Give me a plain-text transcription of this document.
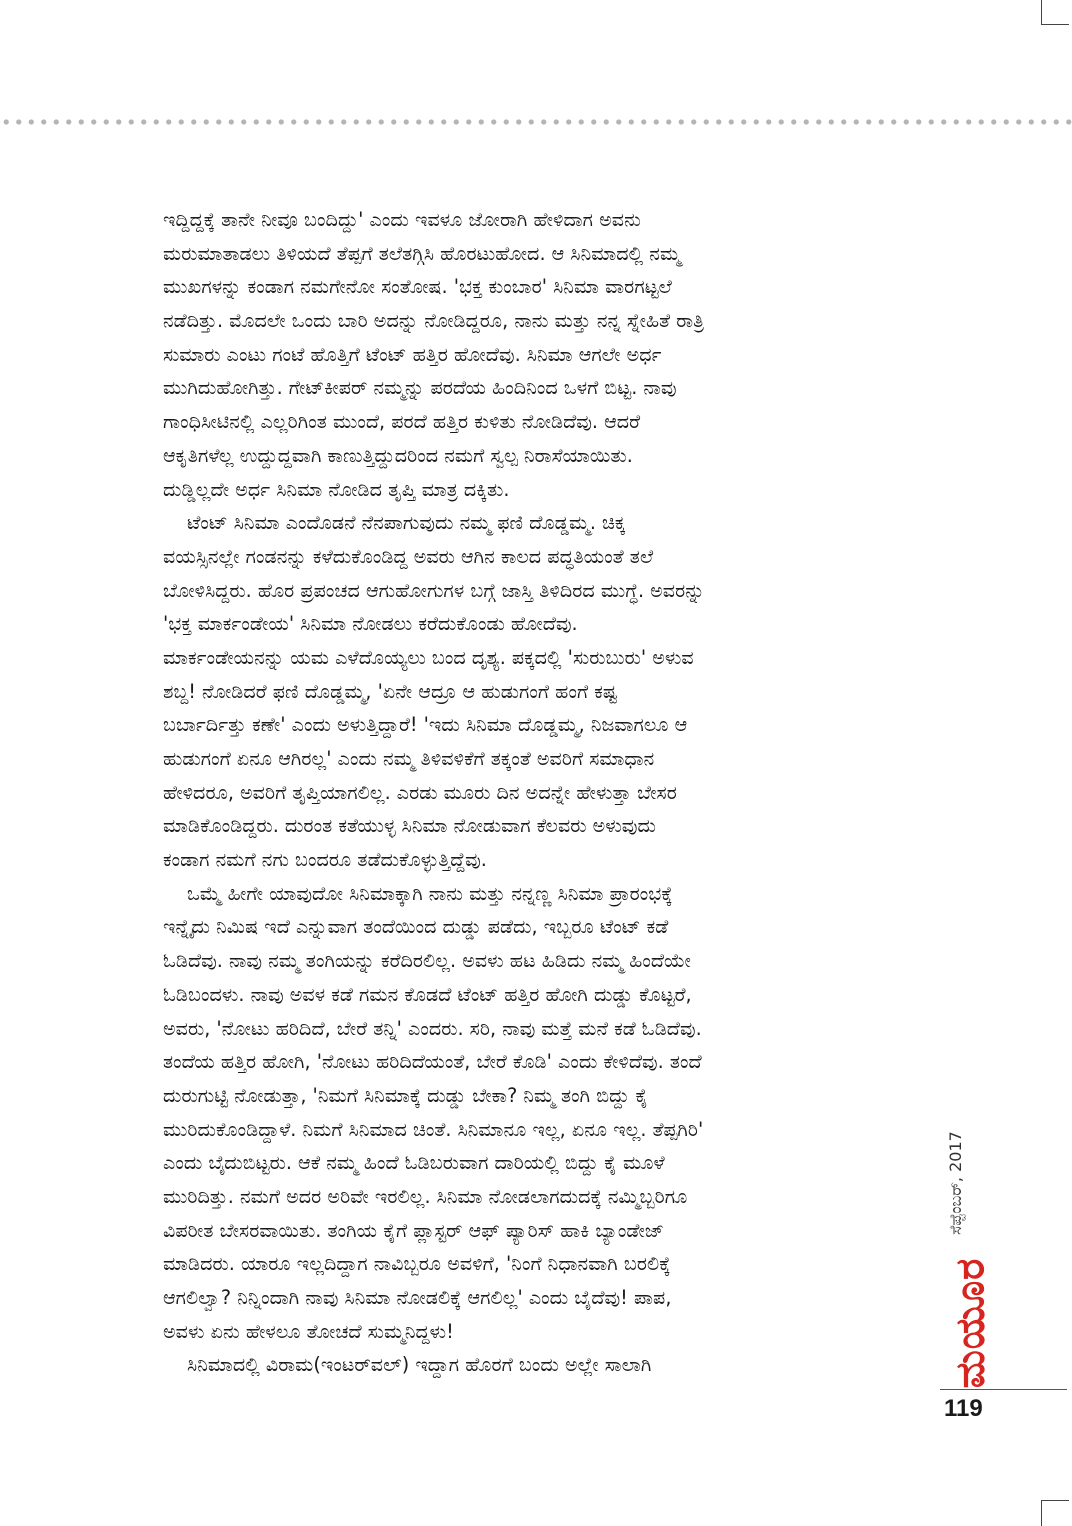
ಇದ್ದಿದ್ದಕ್ಕೆ ತಾನೇ ನೀವೂ ಬಂದಿದ್ದು' ಎಂದು ಇವಳೂ ಜೋರಾಗಿ ಹೇಳಿದಾಗ ಅವನು
ಮರುಮಾತಾಡಲು ತಿಳಿಯದೆ ತೆಪ್ಪಗೆ ತಲೆತಗ್ಗಿಸಿ ಹೊರಟುಹೋದ. ಆ ಸಿನಿಮಾದಲ್ಲಿ ನಮ್ಮ
ಮುಖಗಳನ್ನು ಕಂಡಾಗ ನಮಗೇನೋ ಸಂತೋಷ. 'ಭಕ್ತ ಕುಂಬಾರ' ಸಿನಿಮಾ ವಾರಗಟ್ಟಲೆ
ನಡೆದಿತ್ತು. ಮೊದಲೇ ಒಂದು ಬಾರಿ ಅದನ್ನು ನೋಡಿದ್ದರೂ, ನಾನು ಮತ್ತು ನನ್ನ ಸ್ನೇಹಿತೆ ರಾತ್ರಿ
ಸುಮಾರು ಎಂಟು ಗಂಟೆ ಹೊತ್ತಿಗೆ ಟೆಂಟ್ ಹತ್ತಿರ ಹೋದೆವು. ಸಿನಿಮಾ ಆಗಲೇ ಅರ್ಧ
ಮುಗಿದುಹೋಗಿತ್ತು. ಗೇಟ್‌ಕೀಪರ್ ನಮ್ಮನ್ನು ಪರದೆಯ ಹಿಂದಿನಿಂದ ಒಳಗೆ ಬಿಟ್ಟ. ನಾವು
ಗಾಂಧಿಸೀಟಿನಲ್ಲಿ ಎಲ್ಲರಿಗಿಂತ ಮುಂದೆ, ಪರದೆ ಹತ್ತಿರ ಕುಳಿತು ನೋಡಿದೆವು. ಆದರೆ
ಆಕೃತಿಗಳೆಲ್ಲ ಉದ್ದುದ್ದವಾಗಿ ಕಾಣುತ್ತಿದ್ದುದರಿಂದ ನಮಗೆ ಸ್ವಲ್ಪ ನಿರಾಸೆಯಾಯಿತು.
ದುಡ್ಡಿಲ್ಲದೇ ಅರ್ಧ ಸಿನಿಮಾ ನೋಡಿದ ತೃಪ್ತಿ ಮಾತ್ರ ದಕ್ಕಿತು.
ಟೆಂಟ್ ಸಿನಿಮಾ ಎಂದೊಡನೆ ನೆನಪಾಗುವುದು ನಮ್ಮ ಫಣಿ ದೊಡ್ಡಮ್ಮ. ಚಿಕ್ಕ
ವಯಸ್ಸಿನಲ್ಲೇ ಗಂಡನನ್ನು ಕಳೆದುಕೊಂಡಿದ್ದ ಅವರು ಆಗಿನ ಕಾಲದ ಪದ್ಧತಿಯಂತೆ ತಲೆ
ಬೋಳಿಸಿದ್ದರು. ಹೊರ ಪ್ರಪಂಚದ ಆಗುಹೋಗುಗಳ ಬಗ್ಗೆ ಜಾಸ್ತಿ ತಿಳಿದಿರದ ಮುಗ್ಧೆ. ಅವರನ್ನು
'ಭಕ್ತ ಮಾರ್ಕಂಡೇಯ' ಸಿನಿಮಾ ನೋಡಲು ಕರೆದುಕೊಂಡು ಹೋದೆವು.
ಮಾರ್ಕಂಡೇಯನನ್ನು ಯಮ ಎಳೆದೊಯ್ಯಲು ಬಂದ ದೃಶ್ಯ. ಪಕ್ಕದಲ್ಲಿ 'ಸುರುಬುರು' ಅಳುವ
ಶಬ್ದ! ನೋಡಿದರೆ ಫಣಿ ದೊಡ್ಡಮ್ಮ, 'ಏನೇ ಆದ್ರೂ ಆ ಹುಡುಗಂಗೆ ಹಂಗೆ ಕಷ್ಟ
ಬರ್ಬಾರ್ದಿತ್ತು ಕಣೇ' ಎಂದು ಅಳುತ್ತಿದ್ದಾರೆ! 'ಇದು ಸಿನಿಮಾ ದೊಡ್ಡಮ್ಮ, ನಿಜವಾಗಲೂ ಆ
ಹುಡುಗಂಗೆ ಏನೂ ಆಗಿರಲ್ಲ' ಎಂದು ನಮ್ಮ ತಿಳಿವಳಿಕೆಗೆ ತಕ್ಕಂತೆ ಅವರಿಗೆ ಸಮಾಧಾನ
ಹೇಳಿದರೂ, ಅವರಿಗೆ ತೃಪ್ತಿಯಾಗಲಿಲ್ಲ. ಎರಡು ಮೂರು ದಿನ ಅದನ್ನೇ ಹೇಳುತ್ತಾ ಬೇಸರ
ಮಾಡಿಕೊಂಡಿದ್ದರು. ದುರಂತ ಕತೆಯುಳ್ಳ ಸಿನಿಮಾ ನೋಡುವಾಗ ಕೆಲವರು ಅಳುವುದು
ಕಂಡಾಗ ನಮಗೆ ನಗು ಬಂದರೂ ತಡೆದುಕೊಳ್ಳುತ್ತಿದ್ದೆವು.
ಒಮ್ಮೆ ಹೀಗೇ ಯಾವುದೋ ಸಿನಿಮಾಕ್ಕಾಗಿ ನಾನು ಮತ್ತು ನನ್ನಣ್ಣ ಸಿನಿಮಾ ಪ್ರಾರಂಭಕ್ಕೆ
ಇನ್ನೈದು ನಿಮಿಷ ಇದೆ ಎನ್ನುವಾಗ ತಂದೆಯಿಂದ ದುಡ್ಡು ಪಡೆದು, ಇಬ್ಬರೂ ಟೆಂಟ್ ಕಡೆ
ಓಡಿದೆವು. ನಾವು ನಮ್ಮ ತಂಗಿಯನ್ನು ಕರೆದಿರಲಿಲ್ಲ. ಅವಳು ಹಟ ಹಿಡಿದು ನಮ್ಮ ಹಿಂದೆಯೇ
ಓಡಿಬಂದಳು. ನಾವು ಅವಳ ಕಡೆ ಗಮನ ಕೊಡದೆ ಟೆಂಟ್ ಹತ್ತಿರ ಹೋಗಿ ದುಡ್ಡು ಕೊಟ್ಟರೆ,
ಅವರು, 'ನೋಟು ಹರಿದಿದೆ, ಬೇರೆ ತನ್ನಿ' ಎಂದರು. ಸರಿ, ನಾವು ಮತ್ತೆ ಮನೆ ಕಡೆ ಓಡಿದೆವು.
ತಂದೆಯ ಹತ್ತಿರ ಹೋಗಿ, 'ನೋಟು ಹರಿದಿದೆಯಂತೆ, ಬೇರೆ ಕೊಡಿ' ಎಂದು ಕೇಳಿದೆವು. ತಂದೆ
ದುರುಗುಟ್ಟಿ ನೋಡುತ್ತಾ, 'ನಿಮಗೆ ಸಿನಿಮಾಕ್ಕೆ ದುಡ್ಡು ಬೇಕಾ? ನಿಮ್ಮ ತಂಗಿ ಬಿದ್ದು ಕೈ
ಮುರಿದುಕೊಂಡಿದ್ದಾಳೆ. ನಿಮಗೆ ಸಿನಿಮಾದ ಚಿಂತೆ. ಸಿನಿಮಾನೂ ಇಲ್ಲ, ಏನೂ ಇಲ್ಲ. ತೆಪ್ಪಗಿರಿ'
ಎಂದು ಬೈದುಬಿಟ್ಟರು. ಆಕೆ ನಮ್ಮ ಹಿಂದೆ ಓಡಿಬರುವಾಗ ದಾರಿಯಲ್ಲಿ ಬಿದ್ದು ಕೈ ಮೂಳೆ
ಮುರಿದಿತ್ತು. ನಮಗೆ ಅದರ ಅರಿವೇ ಇರಲಿಲ್ಲ. ಸಿನಿಮಾ ನೋಡಲಾಗದುದಕ್ಕೆ ನಮ್ಮಿಬ್ಬರಿಗೂ
ವಿಪರೀತ ಬೇಸರವಾಯಿತು. ತಂಗಿಯ ಕೈಗೆ ಪ್ಲಾಸ್ಟರ್ ಆಫ್ ಪ್ಯಾರಿಸ್ ಹಾಕಿ ಬ್ಯಾಂಡೇಜ್
ಮಾಡಿದರು. ಯಾರೂ ಇಲ್ಲದಿದ್ದಾಗ ನಾವಿಬ್ಬರೂ ಅವಳಿಗೆ, 'ನಿಂಗೆ ನಿಧಾನವಾಗಿ ಬರಲಿಕ್ಕೆ
ಆಗಲಿಲ್ವಾ? ನಿನ್ನಿಂದಾಗಿ ನಾವು ಸಿನಿಮಾ ನೋಡಲಿಕ್ಕೆ ಆಗಲಿಲ್ಲ' ಎಂದು ಬೈದೆವು! ಪಾಪ,
ಅವಳು ಏನು ಹೇಳಲೂ ತೋಚದೆ ಸುಮ್ಮನಿದ್ದಳು!
ಸಿನಿಮಾದಲ್ಲಿ ವಿರಾಮ(ಇಂಟರ್‌ವಲ್) ಇದ್ದಾಗ ಹೊರಗೆ ಬಂದು ಅಲ್ಲೇ ಸಾಲಾಗಿ
ಸೆಪ್ಟೆಂಬರ್, 2017
ಮಯೂರ
119
